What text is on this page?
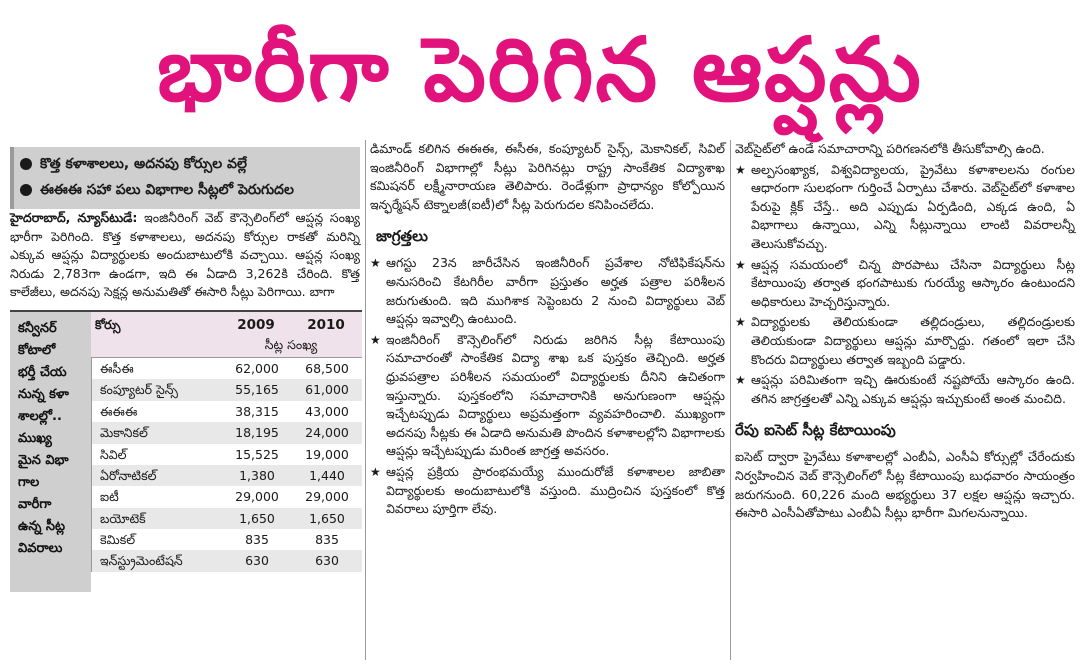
భారీగా పెరిగిన ఆప్షన్లు
కొత్త కళాశాలలు, అదనపు కోర్సుల వల్లే
ఈఈఈ సహా పలు విభాగాల సీట్లలో పెరుగుదల

హైదరాబాద్, న్యూస్‌టుడే: ఇంజినీరింగ్ వెబ్ కౌన్సెలింగ్‌లో ఆప్షన్ల సంఖ్య భారీగా పెరిగింది. కొత్త కళాశాలలు, అదనపు కోర్సుల రాకతో మరిన్ని ఎక్కువ ఆప్షన్లు విద్యార్థులకు అందుబాటులోకి వచ్చాయి. ఆప్షన్ల సంఖ్య నిరుడు 2,783గా ఉండగా, ఇది ఈ ఏడాది 3,262కి చేరింది. కొత్త కాలేజీలు, అదనపు సెక్షన్ల అనుమతితో ఈసారి సీట్లు పెరిగాయి. బాగా

కన్వీనర్
కోటాలో
భర్తీ చేయ
నున్న కళా
శాలల్లో..
ముఖ్య
మైన విభా
గాల
వారీగా
ఉన్న సీట్ల
వివరాలు
కోర్సు	2009	2010
సీట్ల సంఖ్య
ఈసీఈ	62,000	68,500
కంప్యూటర్ సైన్స్	55,165	61,000
ఈఈఈ	38,315	43,000
మెకానికల్	18,195	24,000
సివిల్	15,525	19,000
ఏరోనాటికల్	1,380	1,440
ఐటీ	29,000	29,000
బయోటెక్	1,650	1,650
కెమికల్	835	835
ఇన్‌స్ట్రుమెంటేషన్	630	630

డిమాండ్ కలిగిన ఈఈఈ, ఈసీఈ, కంప్యూటర్ సైన్స్, మెకానికల్, సివిల్ ఇంజినీరింగ్ విభాగాల్లో సీట్లు పెరిగినట్లు రాష్ట్ర సాంకేతిక విద్యాశాఖ కమిషనర్ లక్ష్మీనారాయణ తెలిపారు. రెండేళ్లుగా ప్రాధాన్యం కోల్పోయిన ఇన్ఫర్మేషన్ టెక్నాలజీ(ఐటీ)లో సీట్ల పెరుగుదల కనిపించలేదు.

జాగ్రత్తలు
★ ఆగస్టు 23న జారీచేసిన ఇంజినీరింగ్ ప్రవేశాల నోటిఫికేషన్‌ను అనుసరించి కేటగిరీల వారీగా ప్రస్తుతం అర్హత పత్రాల పరిశీలన జరుగుతుంది. ఇది ముగిశాక సెప్టెంబరు 2 నుంచి విద్యార్థులు వెబ్ ఆప్షన్లు ఇవ్వాల్సి ఉంటుంది.

★ ఇంజినీరింగ్ కౌన్సెలింగ్‌లో నిరుడు జరిగిన సీట్ల కేటాయింపు సమాచారంతో సాంకేతిక విద్యా శాఖ ఒక పుస్తకం తెచ్చింది. అర్హత ధ్రువపత్రాల పరిశీలన సమయంలో విద్యార్థులకు దీనిని ఉచితంగా ఇస్తున్నారు. పుస్తకంలోని సమాచారానికి అనుగుణంగా ఆప్షన్లు ఇచ్చేటప్పుడు విద్యార్థులు అప్రమత్తంగా వ్యవహరించాలి. ముఖ్యంగా అదనపు సీట్లకు ఈ ఏడాది అనుమతి పొందిన కళాశాలల్లోని విభాగాలకు ఆప్షన్లు ఇచ్చేటప్పుడు మరింత జాగ్రత్త అవసరం.

★ ఆప్షన్ల ప్రక్రియ ప్రారంభమయ్యే ముందురోజే కళాశాలల జాబితా విద్యార్థులకు అందుబాటులోకి వస్తుంది. ముద్రించిన పుస్తకంలో కొత్త వివరాలు పూర్తిగా లేవు.

వెబ్‌సైట్‌లో ఉండే సమాచారాన్ని పరిగణనలోకి తీసుకోవాల్సి ఉంది.

★ అల్పసంఖ్యాక, విశ్వవిద్యాలయ, ప్రైవేటు కళాశాలలను రంగుల ఆధారంగా సులభంగా గుర్తించే ఏర్పాటు చేశారు. వెబ్‌సైట్‌లో కళాశాల పేరుపై క్లిక్ చేస్తే.. అది ఎప్పుడు ఏర్పడింది, ఎక్కడ ఉంది, ఏ విభాగాలు ఉన్నాయి, ఎన్ని సీట్లున్నాయి లాంటి వివరాలన్నీ తెలుసుకోవచ్చు.

★ ఆప్షన్ల సమయంలో చిన్న పొరపాటు చేసినా విద్యార్థులు సీట్ల కేటాయింపు తర్వాత భంగపాటుకు గురయ్యే ఆస్కారం ఉంటుందని అధికారులు హెచ్చరిస్తున్నారు.

★ విద్యార్థులకు తెలియకుండా తల్లిదండ్రులు, తల్లిదండ్రులకు తెలియకుండా విద్యార్థులు ఆప్షన్లు మార్చొద్దు. గతంలో ఇలా చేసి కొందరు విద్యార్థులు తర్వాత ఇబ్బంది పడ్డారు.

★ ఆప్షన్లు పరిమితంగా ఇచ్చి ఊరుకుంటే నష్టపోయే ఆస్కారం ఉంది. తగిన జాగ్రత్తలతో ఎన్ని ఎక్కువ ఆప్షన్లు ఇచ్చుకుంటే అంత మంచిది.

రేపు ఐసెట్ సీట్ల కేటాయింపు

ఐసెట్ ద్వారా ప్రైవేటు కళాశాలల్లో ఎంబీఏ, ఎంసీఏ కోర్సుల్లో చేరేందుకు నిర్వహించిన వెబ్ కౌన్సెలింగ్‌లో సీట్ల కేటాయింపు బుధవారం సాయంత్రం జరుగనుంది. 60,226 మంది అభ్యర్థులు 37 లక్షల ఆప్షన్లు ఇచ్చారు. ఈసారి ఎంసీఏతోపాటు ఎంబీఏ సీట్లు భారీగా మిగలనున్నాయి.
